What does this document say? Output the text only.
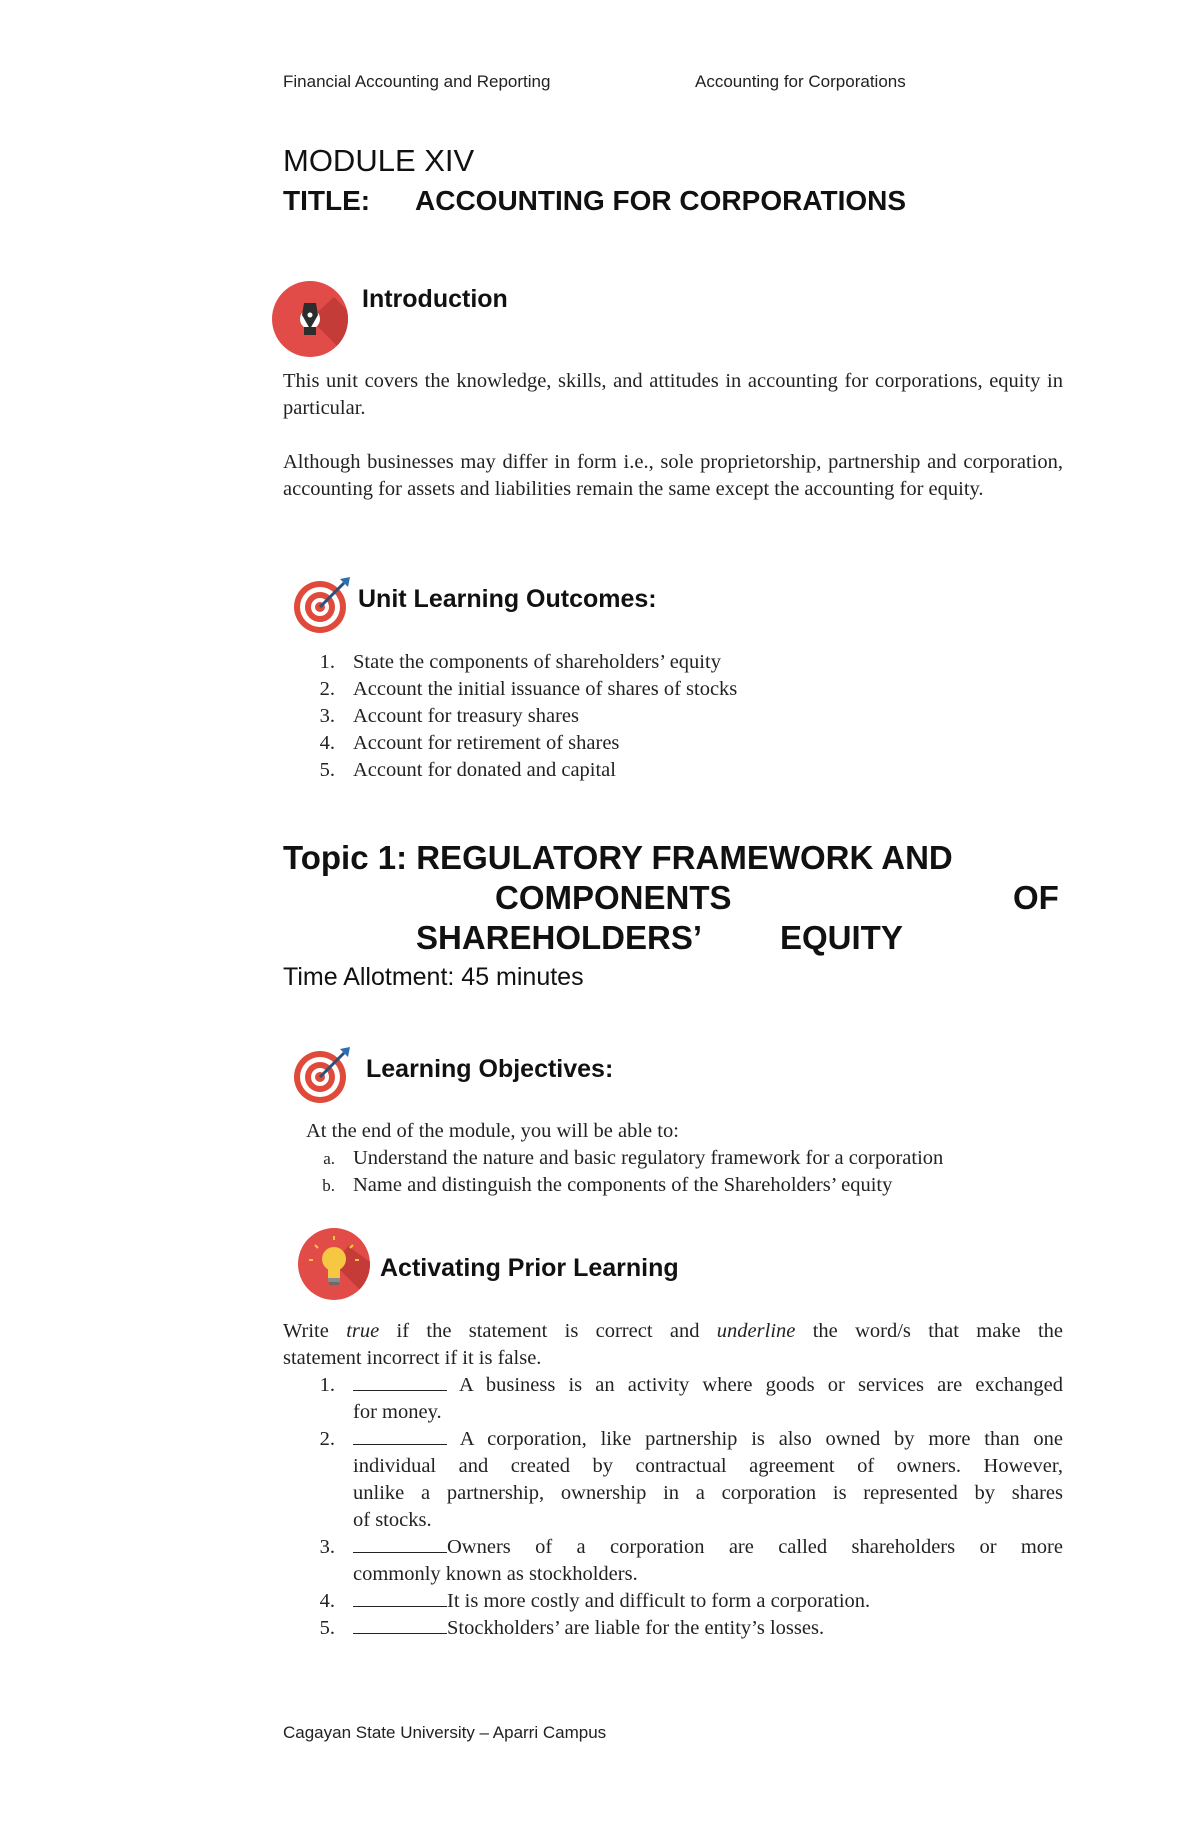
Financial Accounting and Reporting	Accounting for Corporations
MODULE XIV
TITLE: ACCOUNTING FOR CORPORATIONS
Introduction
This unit covers the knowledge, skills, and attitudes in accounting for corporations, equity in particular.
Although businesses may differ in form i.e., sole proprietorship, partnership and corporation, accounting for assets and liabilities remain the same except the accounting for equity.
Unit Learning Outcomes:
1. State the components of shareholders’ equity
2. Account the initial issuance of shares of stocks
3. Account for treasury shares
4. Account for retirement of shares
5. Account for donated and capital
Topic 1: REGULATORY FRAMEWORK AND
COMPONENTS	OF
SHAREHOLDERS’ EQUITY
Time Allotment: 45 minutes
Learning Objectives:
At the end of the module, you will be able to:
a. Understand the nature and basic regulatory framework for a corporation
b. Name and distinguish the components of the Shareholders’ equity
Activating Prior Learning
Write true if the statement is correct and underline the word/s that make the
statement incorrect if it is false.
1.	A business is an activity where goods or services are exchanged
for money.
2.	A corporation, like partnership is also owned by more than one
individual and created by contractual agreement of owners. However,
unlike a partnership, ownership in a corporation is represented by shares
of stocks.
3.	Owners of a corporation are called shareholders or more
commonly known as stockholders.
4.	It is more costly and difficult to form a corporation.
5.	Stockholders’ are liable for the entity’s losses.
Cagayan State University – Aparri Campus
